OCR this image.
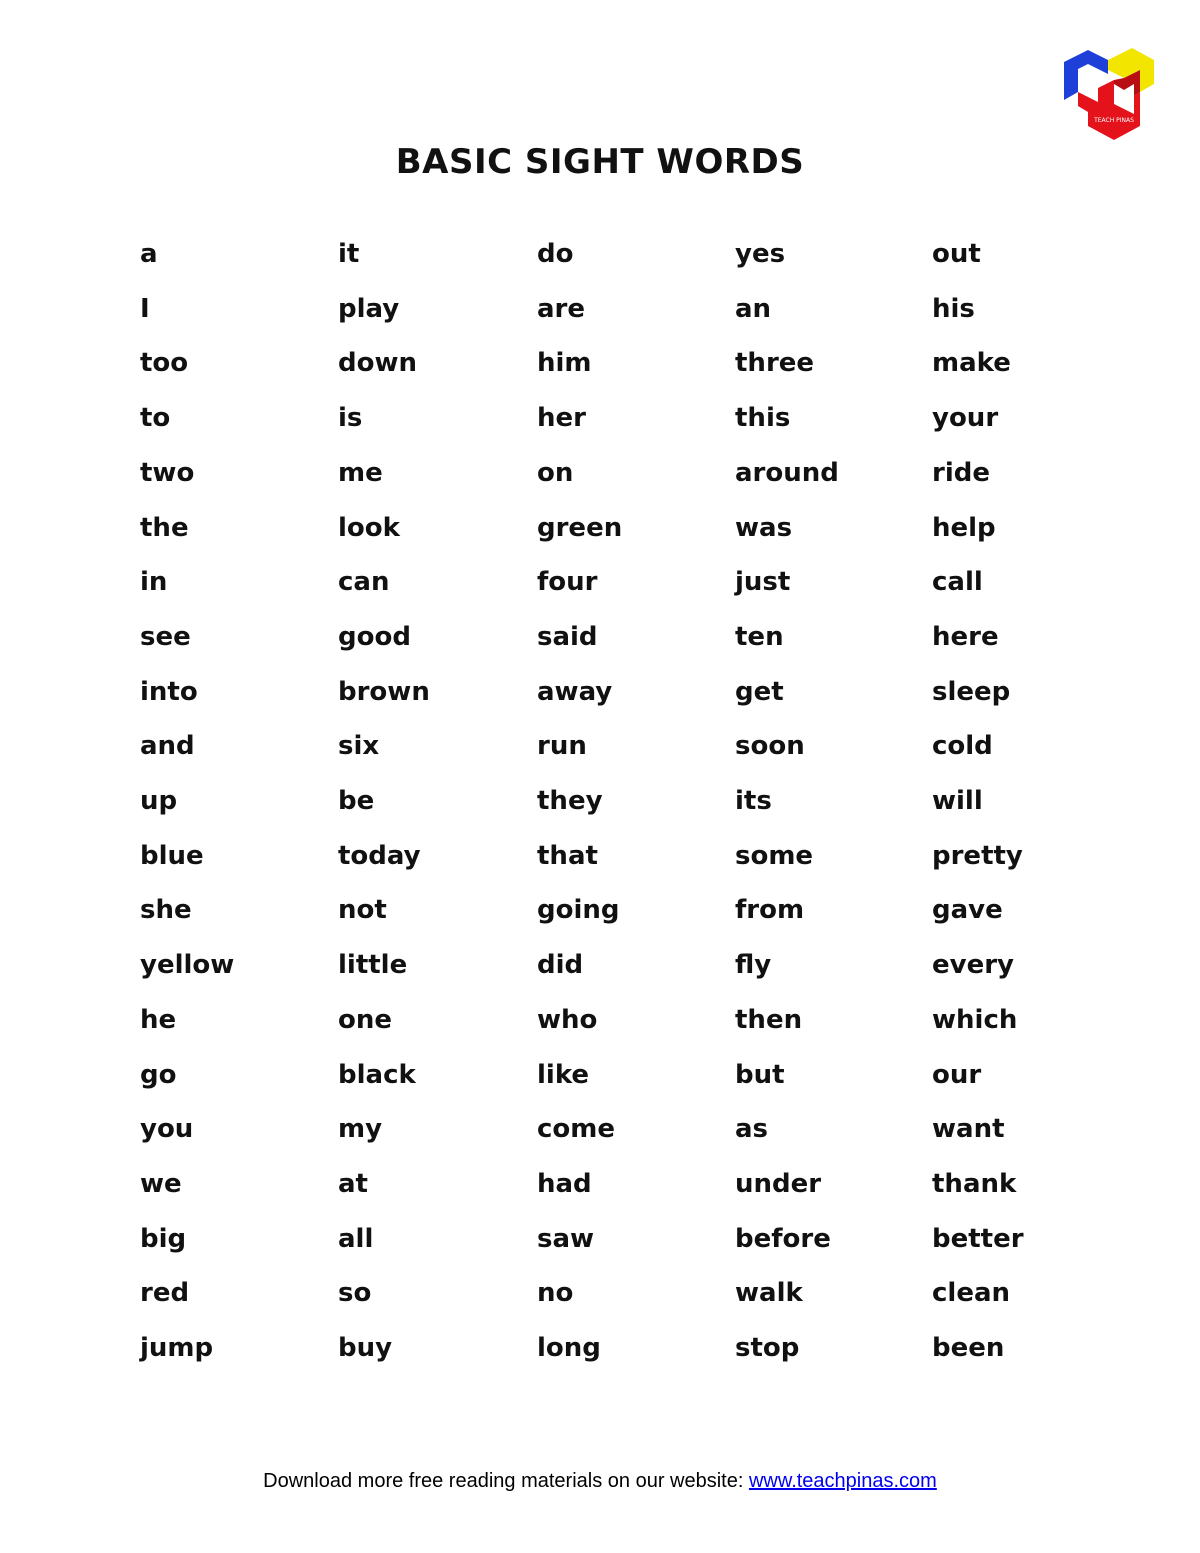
TEACH PINAS
BASIC SIGHT WORDS
a
I
too
to
two
the
in
see
into
and
up
blue
she
yellow
he
go
you
we
big
red
jump
it
play
down
is
me
look
can
good
brown
six
be
today
not
little
one
black
my
at
all
so
buy
do
are
him
her
on
green
four
said
away
run
they
that
going
did
who
like
come
had
saw
no
long
yes
an
three
this
around
was
just
ten
get
soon
its
some
from
fly
then
but
as
under
before
walk
stop
out
his
make
your
ride
help
call
here
sleep
cold
will
pretty
gave
every
which
our
want
thank
better
clean
been
Download more free reading materials on our website: www.teachpinas.com
